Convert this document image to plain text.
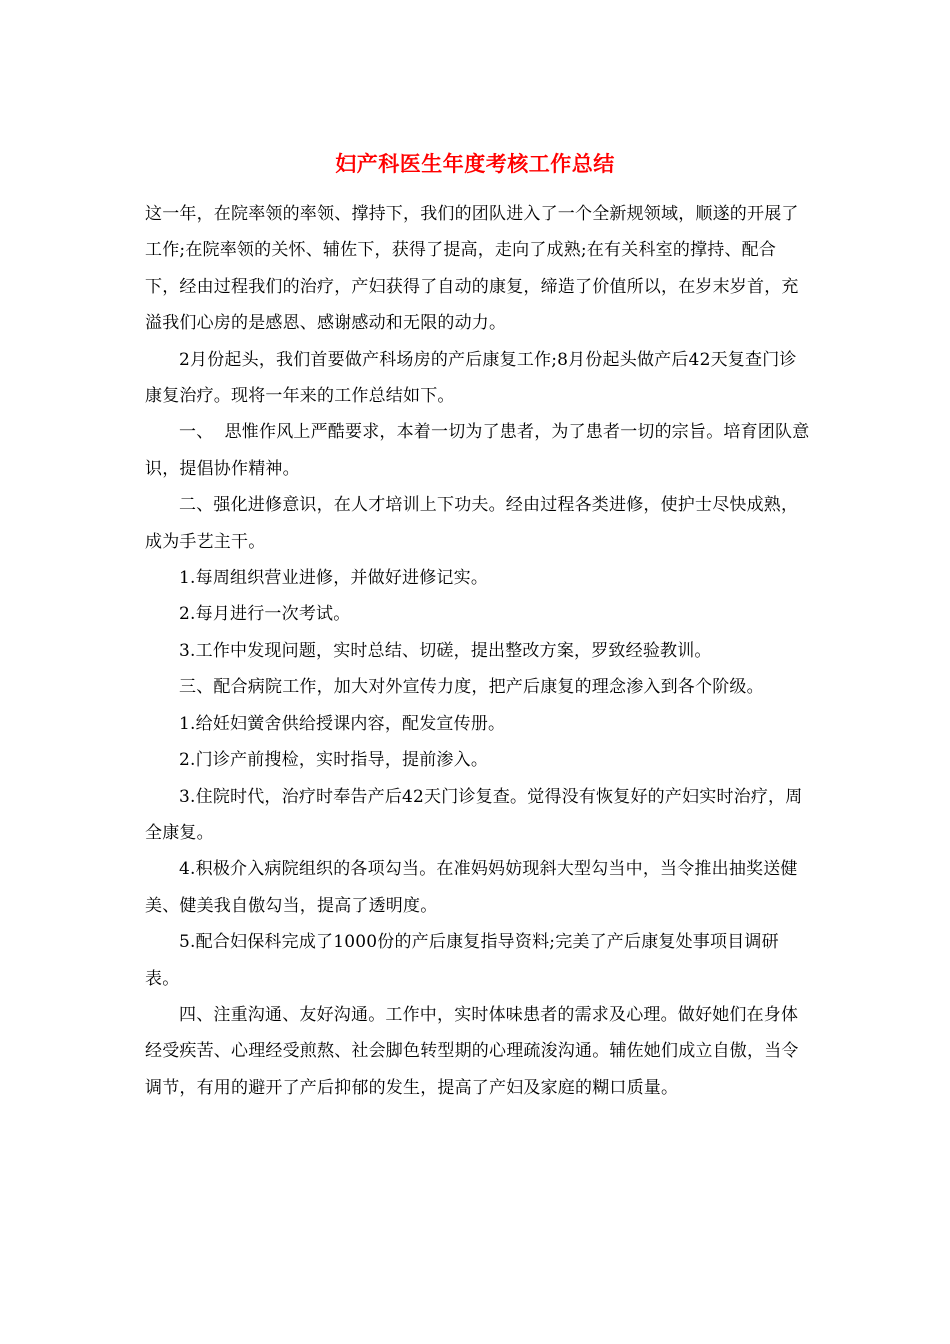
妇产科医生年度考核工作总结

这一年，在院率领的率领、撑持下，我们的团队进入了一个全新规领域，顺遂的开展了工作;在院率领的关怀、辅佐下，获得了提高，走向了成熟;在有关科室的撑持、配合下，经由过程我们的治疗，产妇获得了自动的康复，缔造了价值所以，在岁末岁首，充溢我们心房的是感恩、感谢感动和无限的动力。

2月份起头，我们首要做产科场房的产后康复工作;8月份起头做产后42天复查门诊康复治疗。现将一年来的工作总结如下。

一、  思惟作风上严酷要求，本着一切为了患者，为了患者一切的宗旨。培育团队意识，提倡协作精神。

二、强化进修意识，在人才培训上下功夫。经由过程各类进修，使护士尽快成熟，成为手艺主干。

1.每周组织营业进修，并做好进修记实。

2.每月进行一次考试。

3.工作中发现问题，实时总结、切磋，提出整改方案，罗致经验教训。

三、配合病院工作，加大对外宣传力度，把产后康复的理念渗入到各个阶级。

1.给妊妇黉舍供给授课内容，配发宣传册。

2.门诊产前搜检，实时指导，提前渗入。

3.住院时代，治疗时奉告产后42天门诊复查。觉得没有恢复好的产妇实时治疗，周全康复。

4.积极介入病院组织的各项勾当。在准妈妈妨现斜大型勾当中，当令推出抽奖送健美、健美我自傲勾当，提高了透明度。

5.配合妇保科完成了1000份的产后康复指导资料;完美了产后康复处事项目调研表。

四、注重沟通、友好沟通。工作中，实时体味患者的需求及心理。做好她们在身体经受疾苦、心理经受煎熬、社会脚色转型期的心理疏浚沟通。辅佐她们成立自傲，当令调节，有用的避开了产后抑郁的发生，提高了产妇及家庭的糊口质量。
